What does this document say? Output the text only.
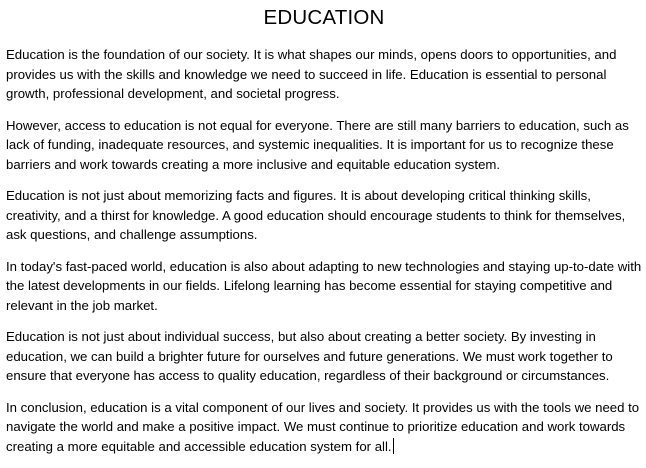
EDUCATION

Education is the foundation of our society. It is what shapes our minds, opens doors to opportunities, and provides us with the skills and knowledge we need to succeed in life. Education is essential to personal growth, professional development, and societal progress.

However, access to education is not equal for everyone. There are still many barriers to education, such as lack of funding, inadequate resources, and systemic inequalities. It is important for us to recognize these barriers and work towards creating a more inclusive and equitable education system.

Education is not just about memorizing facts and figures. It is about developing critical thinking skills, creativity, and a thirst for knowledge. A good education should encourage students to think for themselves, ask questions, and challenge assumptions.

In today's fast-paced world, education is also about adapting to new technologies and staying up-to-date with the latest developments in our fields. Lifelong learning has become essential for staying competitive and relevant in the job market.

Education is not just about individual success, but also about creating a better society. By investing in education, we can build a brighter future for ourselves and future generations. We must work together to ensure that everyone has access to quality education, regardless of their background or circumstances.

In conclusion, education is a vital component of our lives and society. It provides us with the tools we need to navigate the world and make a positive impact. We must continue to prioritize education and work towards creating a more equitable and accessible education system for all.
